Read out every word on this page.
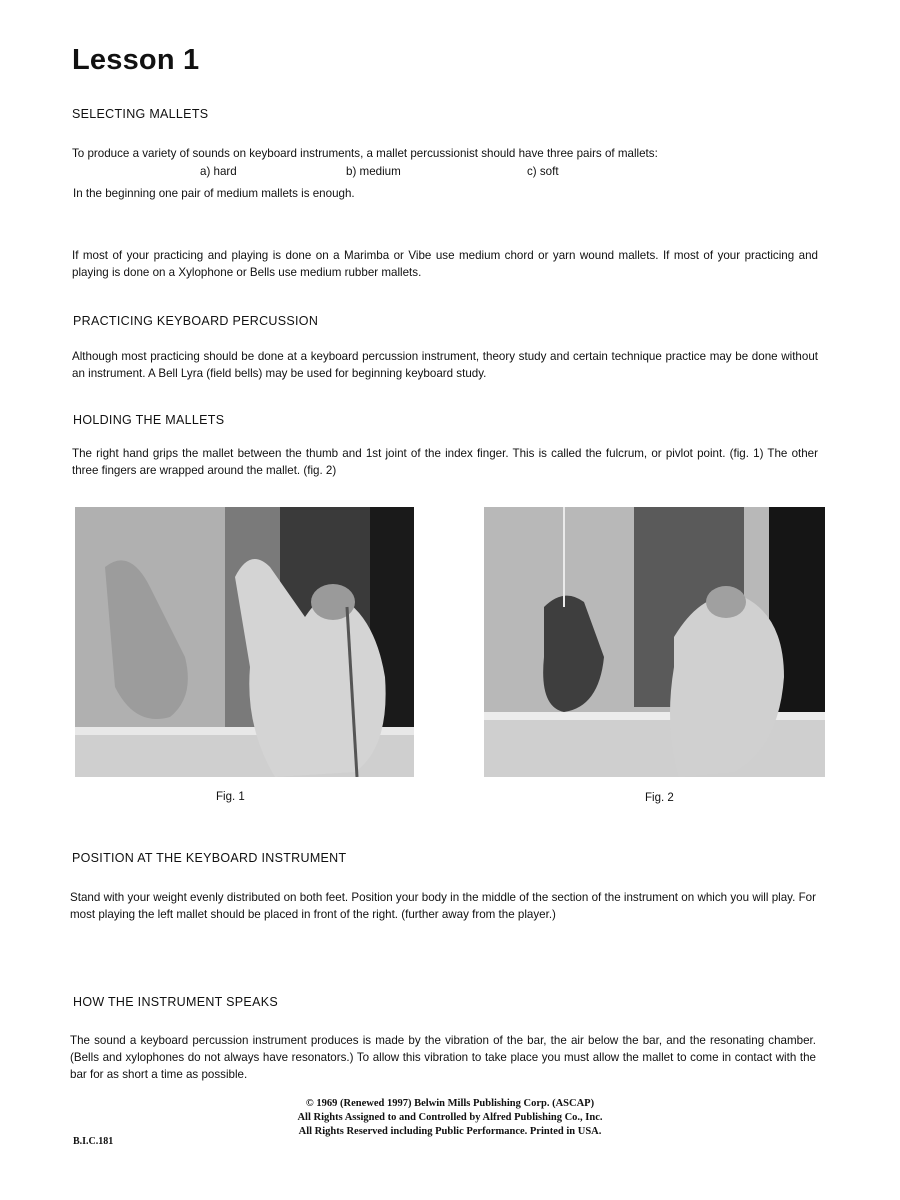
Lesson 1
SELECTING MALLETS

To produce a variety of sounds on keyboard instruments, a mallet percussionist should have three pairs of mallets:

a) hard	b) medium	c) soft

In the beginning one pair of medium mallets is enough.

If most of your practicing and playing is done on a Marimba or Vibe use medium chord or yarn wound mallets. If most of your practicing and playing is done on a Xylophone or Bells use medium rubber mallets.

PRACTICING KEYBOARD PERCUSSION

Although most practicing should be done at a keyboard percussion instrument, theory study and certain technique practice may be done without an instrument. A Bell Lyra (field bells) may be used for beginning keyboard study.

HOLDING THE MALLETS

The right hand grips the mallet between the thumb and 1st joint of the index finger. This is called the fulcrum, or pivlot point. (fig. 1) The other three fingers are wrapped around the mallet. (fig. 2)

Fig. 1	Fig. 2
POSITION AT THE KEYBOARD INSTRUMENT

Stand with your weight evenly distributed on both feet. Position your body in the middle of the section of the instrument on which you will play. For most playing the left mallet should be placed in front of the right. (further away from the player.)

HOW THE INSTRUMENT SPEAKS

The sound a keyboard percussion instrument produces is made by the vibration of the bar, the air below the bar, and the resonating chamber. (Bells and xylophones do not always have resonators.) To allow this vibration to take place you must allow the mallet to come in contact with the bar for as short a time as possible.

© 1969 (Renewed 1997) Belwin Mills Publishing Corp. (ASCAP)
All Rights Assigned to and Controlled by Alfred Publishing Co., Inc.
All Rights Reserved including Public Performance. Printed in USA.
B.I.C.181
